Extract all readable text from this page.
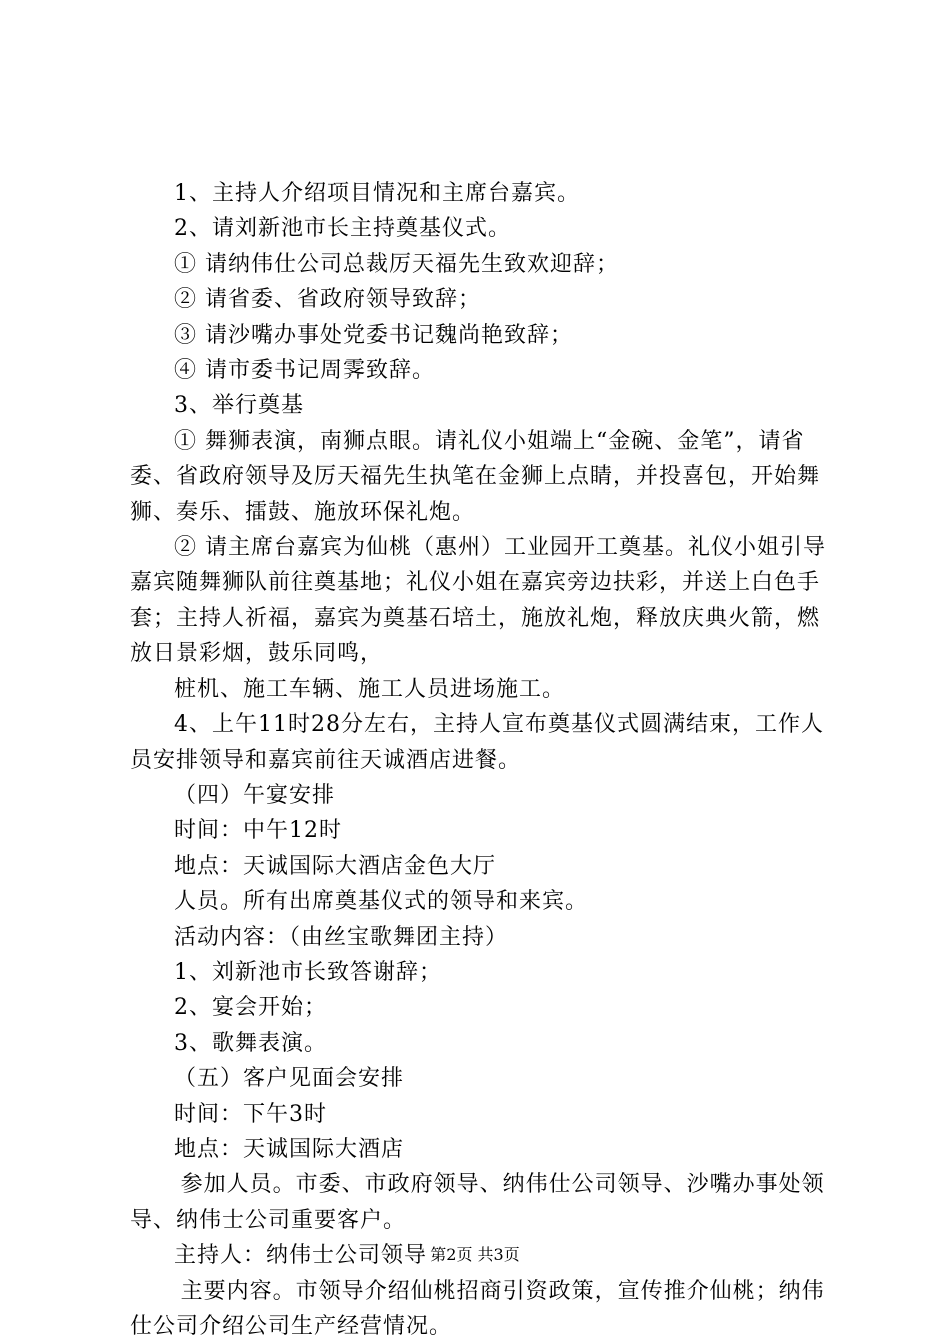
1、主持人介绍项目情况和主席台嘉宾。

2、请刘新池市长主持奠基仪式。

① 请纳伟仕公司总裁厉天福先生致欢迎辞；

② 请省委、省政府领导致辞；

③ 请沙嘴办事处党委书记魏尚艳致辞；

④ 请市委书记周霁致辞。

3、举行奠基

① 舞狮表演，南狮点眼。请礼仪小姐端上“金碗、金笔”，请省委、省政府领导及厉天福先生执笔在金狮上点睛，并投喜包，开始舞狮、奏乐、擂鼓、施放环保礼炮。

② 请主席台嘉宾为仙桃（惠州）工业园开工奠基。礼仪小姐引导嘉宾随舞狮队前往奠基地；礼仪小姐在嘉宾旁边扶彩，并送上白色手套；主持人祈福，嘉宾为奠基石培土，施放礼炮，释放庆典火箭，燃放日景彩烟，鼓乐同鸣，

桩机、施工车辆、施工人员进场施工。

4、上午11时28分左右，主持人宣布奠基仪式圆满结束，工作人员安排领导和嘉宾前往天诚酒店进餐。

（四）午宴安排

时间：中午12时

地点：天诚国际大酒店金色大厅

人员。所有出席奠基仪式的领导和来宾。

活动内容：（由丝宝歌舞团主持）

1、刘新池市长致答谢辞；

2、宴会开始；

3、歌舞表演。

（五）客户见面会安排

时间：下午3时

地点：天诚国际大酒店

参加人员。市委、市政府领导、纳伟仕公司领导、沙嘴办事处领导、纳伟士公司重要客户。

主持人：纳伟士公司领导

主要内容。市领导介绍仙桃招商引资政策，宣传推介仙桃；纳伟仕公司介绍公司生产经营情况。

第2页 共3页
